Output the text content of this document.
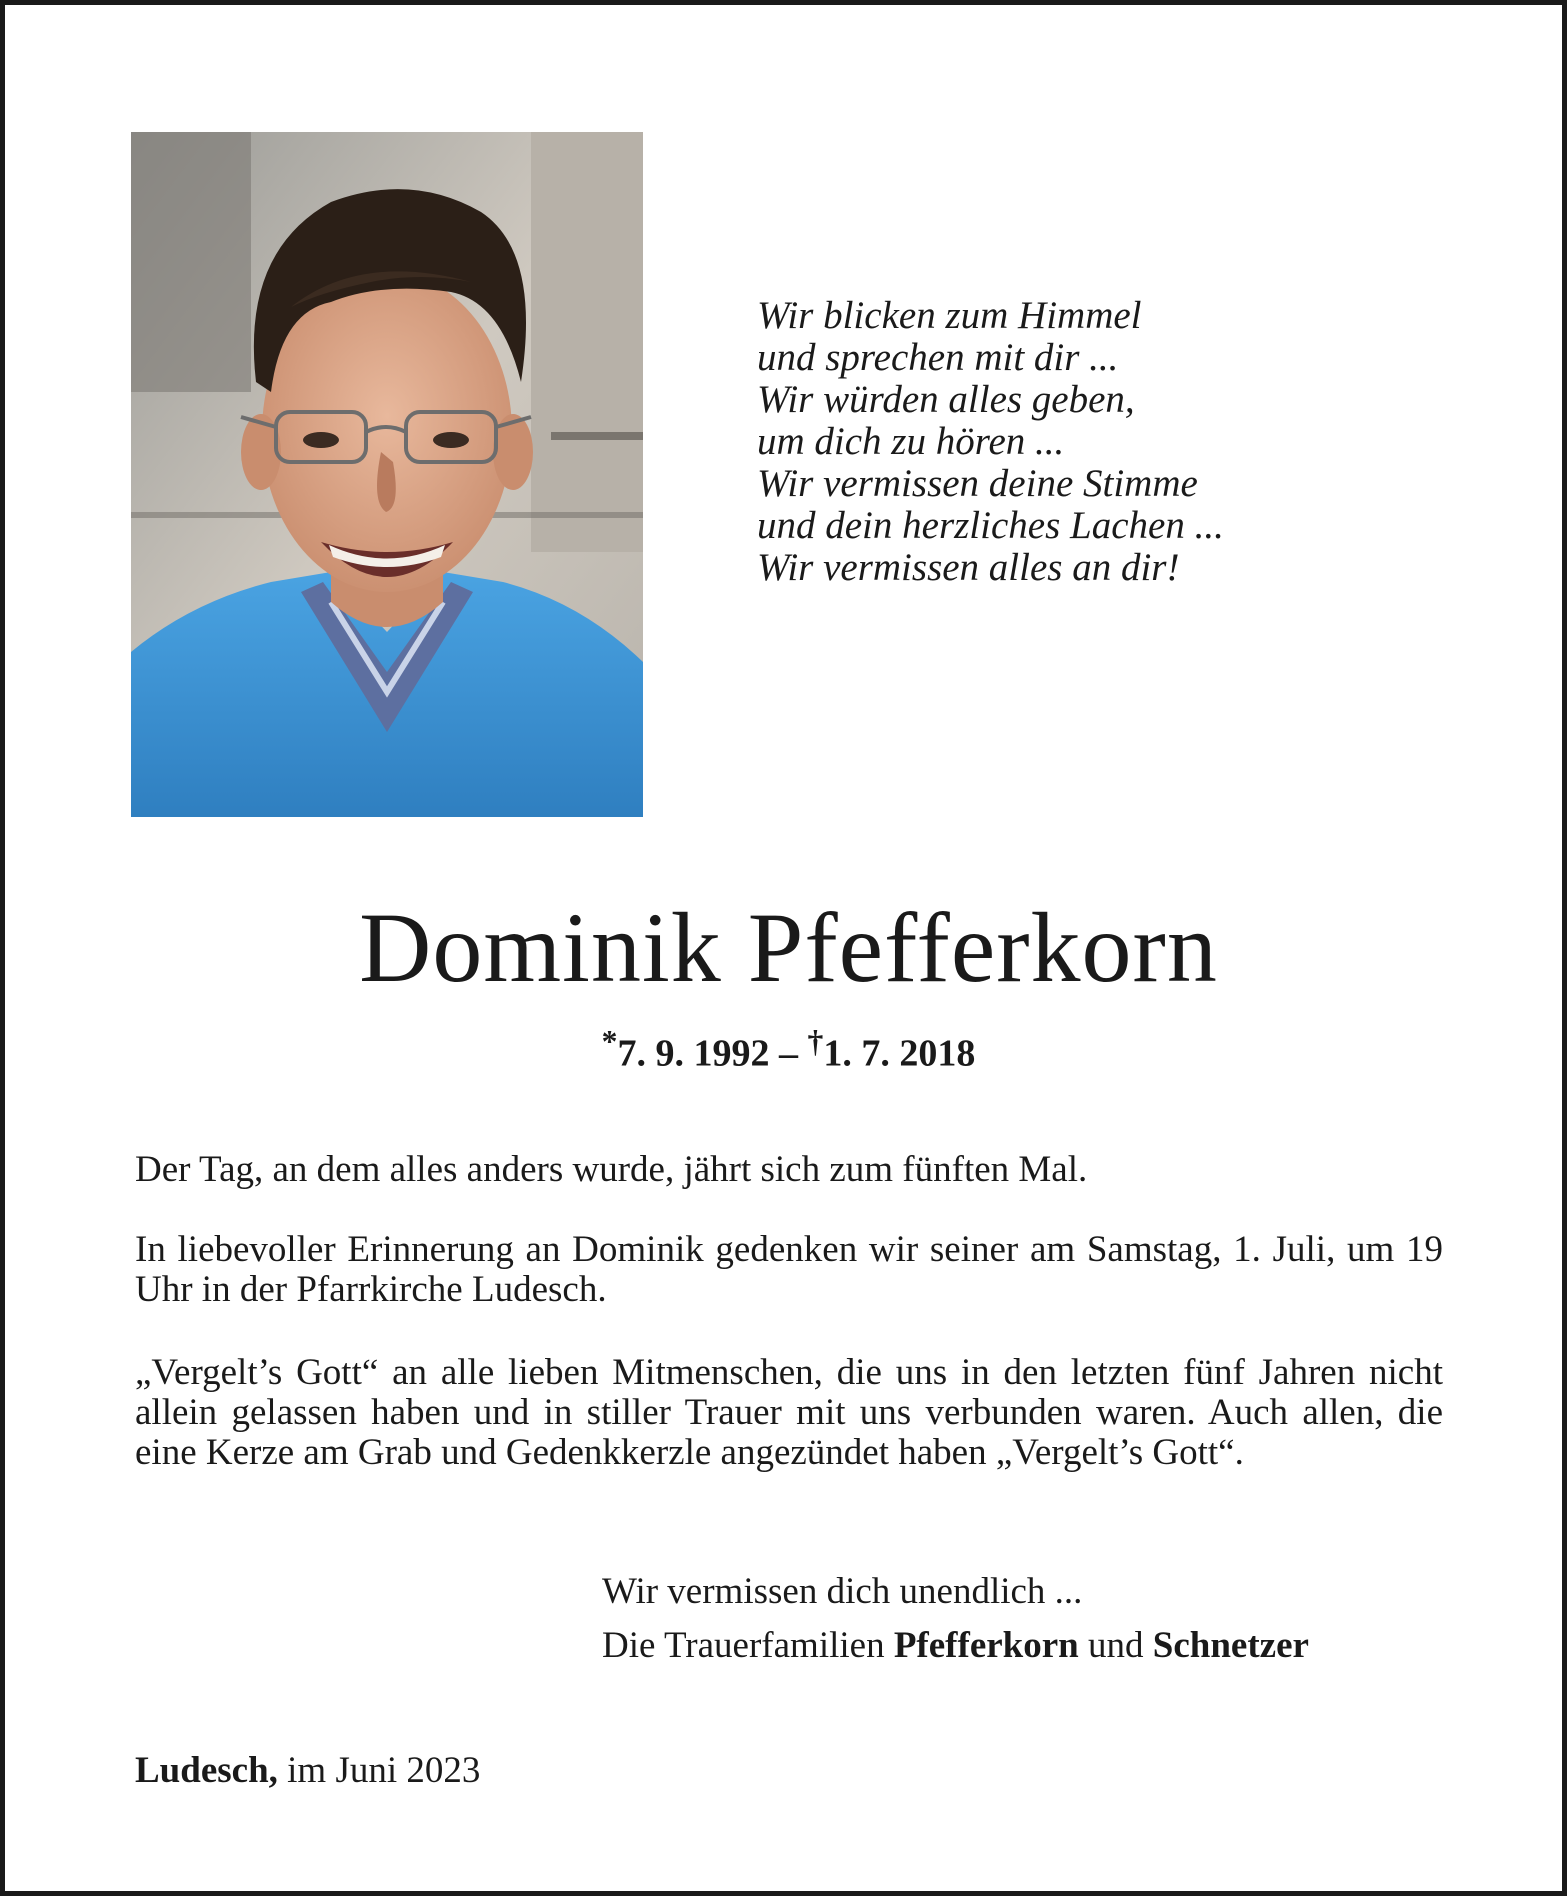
Wir blicken zum Himmel
und sprechen mit dir ...
Wir würden alles geben,
um dich zu hören ...
Wir vermissen deine Stimme
und dein herzliches Lachen ...
Wir vermissen alles an dir!
Dominik Pfefferkorn
*7. 9. 1992 – †1. 7. 2018
Der Tag, an dem alles anders wurde, jährt sich zum fünften Mal.
In liebevoller Erinnerung an Dominik gedenken wir seiner am Samstag, 1. Juli, um 19 Uhr in der Pfarrkirche Ludesch.
„Vergelt’s Gott“ an alle lieben Mitmenschen, die uns in den letzten fünf Jahren nicht allein gelassen haben und in stiller Trauer mit uns verbunden waren. Auch allen, die eine Kerze am Grab und Gedenkkerzle angezündet haben „Vergelt’s Gott“.
Wir vermissen dich unendlich ...
Die Trauerfamilien Pfefferkorn und Schnetzer
Ludesch, im Juni 2023
